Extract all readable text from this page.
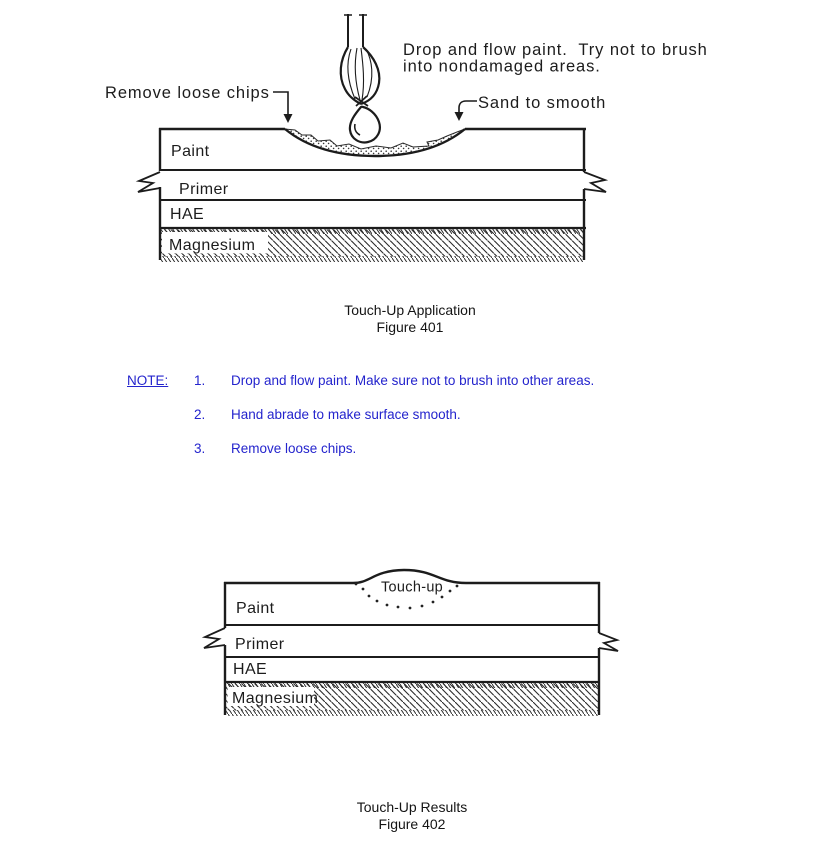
Drop and flow paint.  Try not to brush
into nondamaged areas.
Remove loose chips
Sand to smooth
Paint
Primer
HAE
Magnesium
Touch-up
Paint
Primer
HAE
Magnesium
Touch-Up Application
Figure 401
NOTE: 1. Drop and flow paint. Make sure not to brush into other areas.
2. Hand abrade to make surface smooth.
3. Remove loose chips.
Touch-Up Results
Figure 402
